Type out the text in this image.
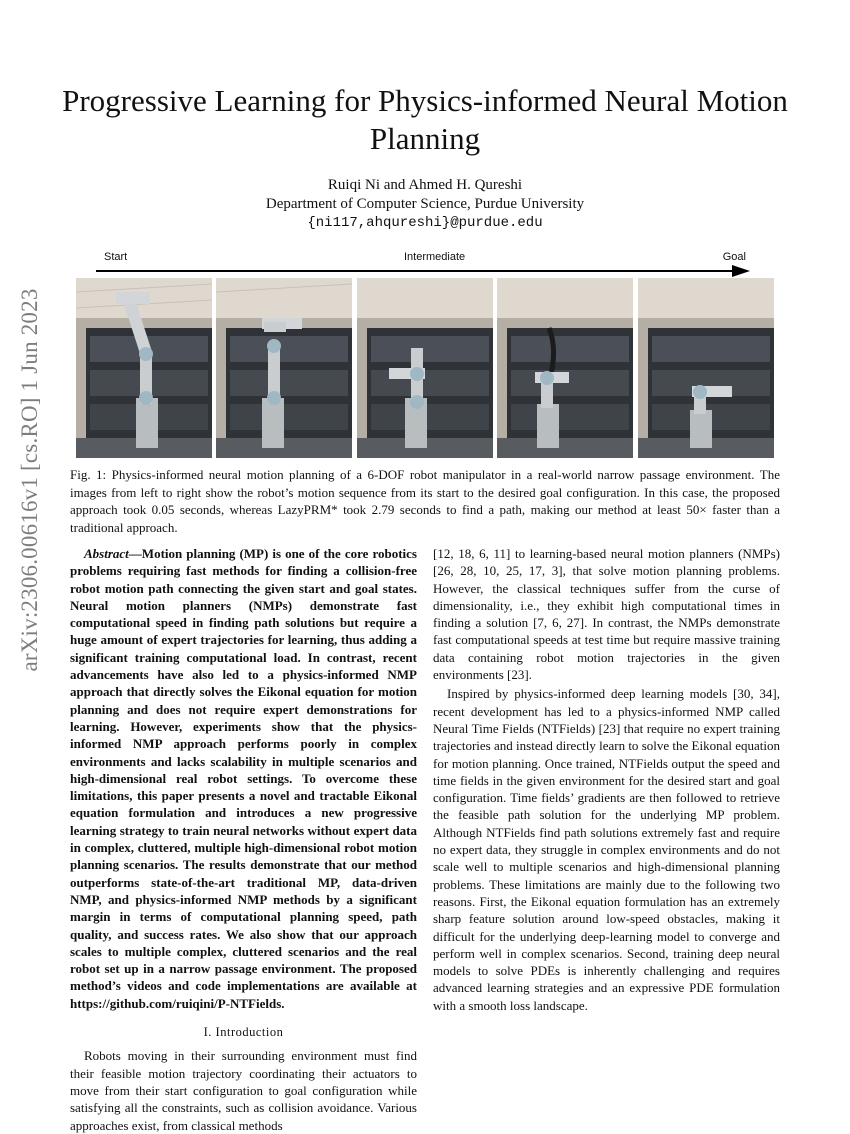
arXiv:2306.00616v1 [cs.RO] 1 Jun 2023
Progressive Learning for Physics-informed Neural Motion Planning
Ruiqi Ni and Ahmed H. Qureshi
Department of Computer Science, Purdue University
{ni117,ahqureshi}@purdue.edu
Start	Intermediate	Goal
Fig. 1: Physics-informed neural motion planning of a 6-DOF robot manipulator in a real-world narrow passage environment. The images from left to right show the robot’s motion sequence from its start to the desired goal configuration. In this case, the proposed approach took 0.05 seconds, whereas LazyPRM* took 2.79 seconds to find a path, making our method at least 50× faster than a traditional approach.

Abstract—Motion planning (MP) is one of the core robotics problems requiring fast methods for finding a collision-free robot motion path connecting the given start and goal states. Neural motion planners (NMPs) demonstrate fast computational speed in finding path solutions but require a huge amount of expert trajectories for learning, thus adding a significant training computational load. In contrast, recent advancements have also led to a physics-informed NMP approach that directly solves the Eikonal equation for motion planning and does not require expert demonstrations for learning. However, experiments show that the physics-informed NMP approach performs poorly in complex environments and lacks scalability in multiple scenarios and high-dimensional real robot settings. To overcome these limitations, this paper presents a novel and tractable Eikonal equation formulation and introduces a new progressive learning strategy to train neural networks without expert data in complex, cluttered, multiple high-dimensional robot motion planning scenarios. The results demonstrate that our method outperforms state-of-the-art traditional MP, data-driven NMP, and physics-informed NMP methods by a significant margin in terms of computational planning speed, path quality, and success rates. We also show that our approach scales to multiple complex, cluttered scenarios and the real robot set up in a narrow passage environment. The proposed method’s videos and code implementations are available at https://github.com/ruiqini/P-NTFields.

I. Introduction

Robots moving in their surrounding environment must find their feasible motion trajectory coordinating their actuators to move from their start configuration to goal configuration while satisfying all the constraints, such as collision avoidance. Various approaches exist, from classical methods

[12, 18, 6, 11] to learning-based neural motion planners (NMPs) [26, 28, 10, 25, 17, 3], that solve motion planning problems. However, the classical techniques suffer from the curse of dimensionality, i.e., they exhibit high computational times in finding a solution [7, 6, 27]. In contrast, the NMPs demonstrate fast computational speeds at test time but require massive training data containing robot motion trajectories in the given environments [23].

Inspired by physics-informed deep learning models [30, 34], recent development has led to a physics-informed NMP called Neural Time Fields (NTFields) [23] that require no expert training trajectories and instead directly learn to solve the Eikonal equation for motion planning. Once trained, NTFields output the speed and time fields in the given environment for the desired start and goal configuration. Time fields’ gradients are then followed to retrieve the feasible path solution for the underlying MP problem. Although NTFields find path solutions extremely fast and require no expert data, they struggle in complex environments and do not scale well to multiple scenarios and high-dimensional planning problems. These limitations are mainly due to the following two reasons. First, the Eikonal equation formulation has an extremely sharp feature solution around low-speed obstacles, making it difficult for the underlying deep-learning model to converge and perform well in complex scenarios. Second, training deep neural models to solve PDEs is inherently challenging and requires advanced learning strategies and an expressive PDE formulation with a smooth loss landscape.
